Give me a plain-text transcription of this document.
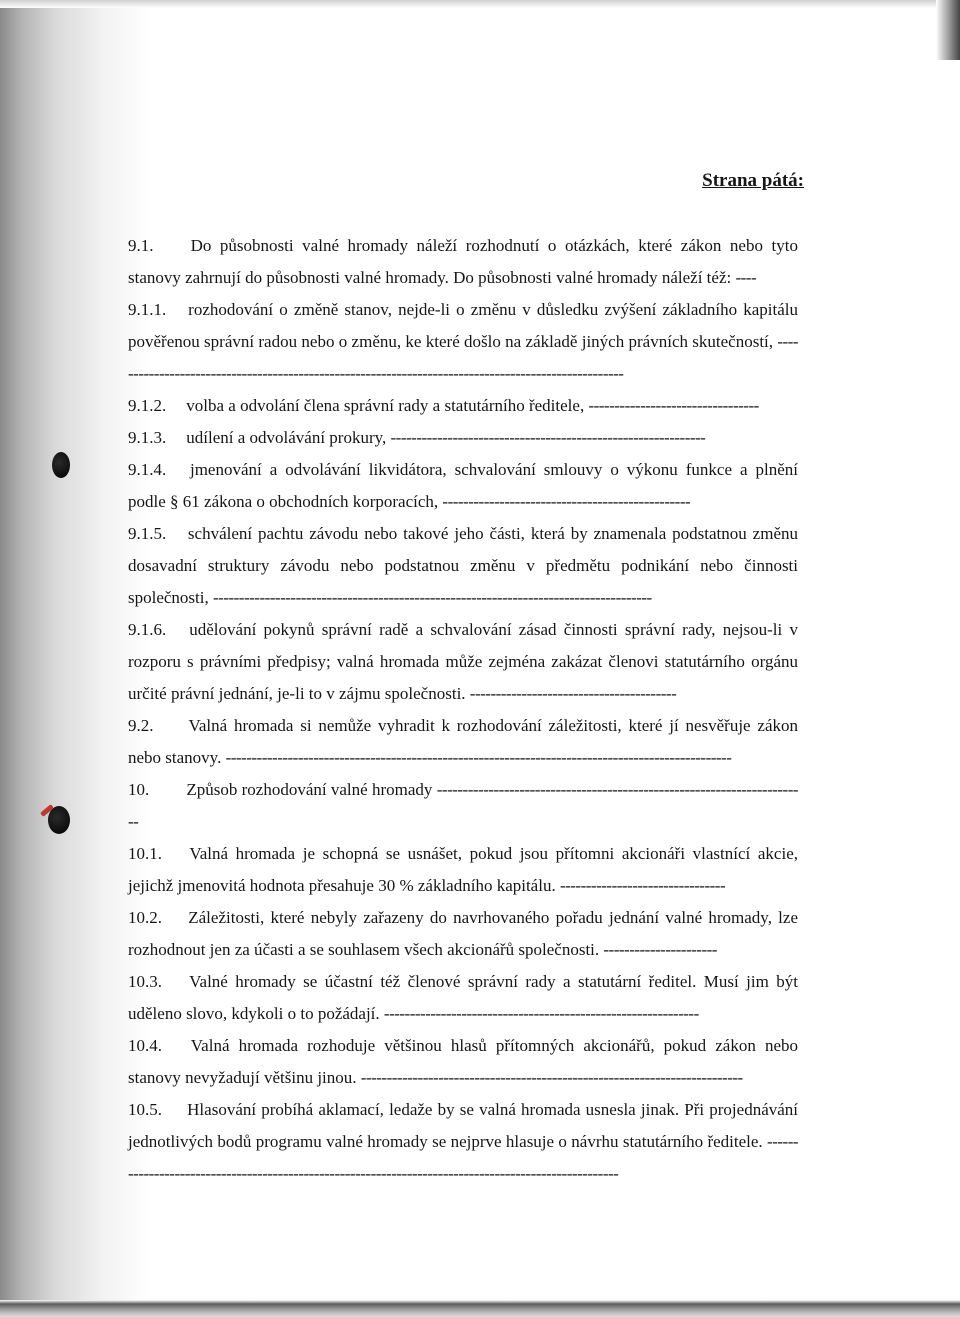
Strana pátá:

9.1. Do působnosti valné hromady náleží rozhodnutí o otázkách, které zákon nebo tyto stanovy zahrnují do působnosti valné hromady. Do působnosti valné hromady náleží též: ----

9.1.1. rozhodování o změně stanov, nejde-li o změnu v důsledku zvýšení základního kapitálu pověřenou správní radou nebo o změnu, ke které došlo na základě jiných právních skutečností, ----------------------------------------------------------------------------------------------------

9.1.2. volba a odvolání člena správní rady a statutárního ředitele, ---------------------------------

9.1.3. udílení a odvolávání prokury, -------------------------------------------------------------

9.1.4. jmenování a odvolávání likvidátora, schvalování smlouvy o výkonu funkce a plnění podle § 61 zákona o obchodních korporacích, ------------------------------------------------

9.1.5. schválení pachtu závodu nebo takové jeho části, která by znamenala podstatnou změnu dosavadní struktury závodu nebo podstatnou změnu v předmětu podnikání nebo činnosti společnosti, -------------------------------------------------------------------------------------

9.1.6. udělování pokynů správní radě a schvalování zásad činnosti správní rady, nejsou-li v rozporu s právními předpisy; valná hromada může zejména zakázat členovi statutárního orgánu určité právní jednání, je-li to v zájmu společnosti. ----------------------------------------

9.2. Valná hromada si nemůže vyhradit k rozhodování záležitosti, které jí nesvěřuje zákon nebo stanovy. --------------------------------------------------------------------------------------------------

10. Způsob rozhodování valné hromady ------------------------------------------------------------------------

10.1. Valná hromada je schopná se usnášet, pokud jsou přítomni akcionáři vlastnící akcie, jejichž jmenovitá hodnota přesahuje 30 % základního kapitálu. --------------------------------

10.2. Záležitosti, které nebyly zařazeny do navrhovaného pořadu jednání valné hromady, lze rozhodnout jen za účasti a se souhlasem všech akcionářů společnosti. ----------------------

10.3. Valné hromady se účastní též členové správní rady a statutární ředitel. Musí jim být uděleno slovo, kdykoli o to požádají. -------------------------------------------------------------

10.4. Valná hromada rozhoduje většinou hlasů přítomných akcionářů, pokud zákon nebo stanovy nevyžadují většinu jinou. --------------------------------------------------------------------------

10.5. Hlasování probíhá aklamací, ledaže by se valná hromada usnesla jinak. Při projednávání jednotlivých bodů programu valné hromady se nejprve hlasuje o návrhu statutárního ředitele. -----------------------------------------------------------------------------------------------------
